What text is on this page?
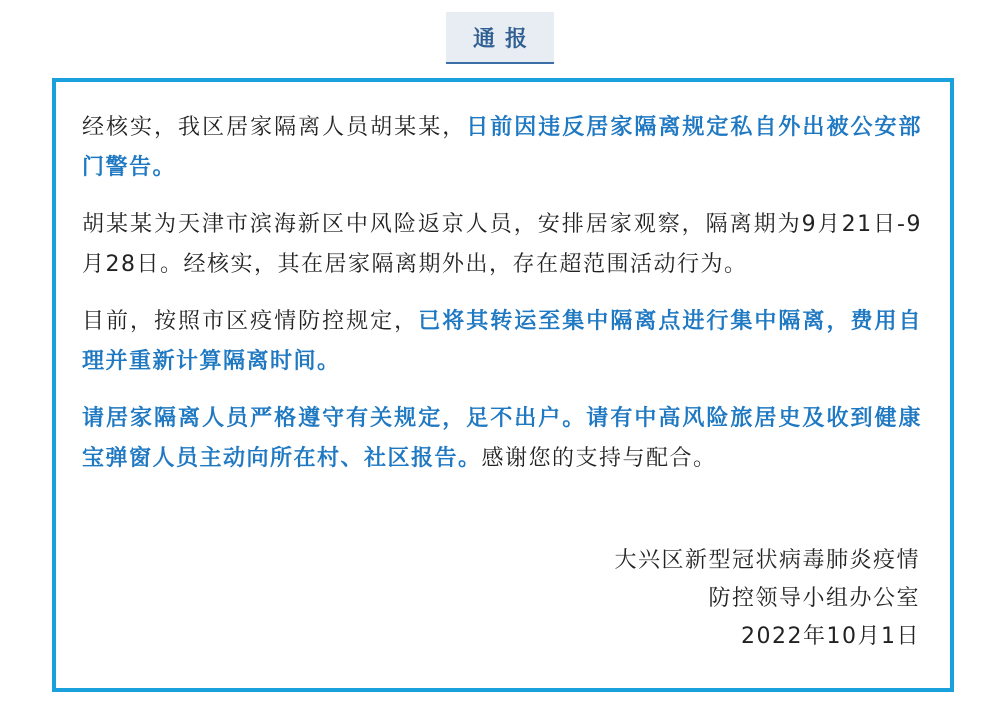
通报

经核实，我区居家隔离人员胡某某，日前因违反居家隔离规定私自外出被公安部门警告。

胡某某为天津市滨海新区中风险返京人员，安排居家观察，隔离期为9月21日-9月28日。经核实，其在居家隔离期外出，存在超范围活动行为。

目前，按照市区疫情防控规定，已将其转运至集中隔离点进行集中隔离，费用自理并重新计算隔离时间。

请居家隔离人员严格遵守有关规定，足不出户。请有中高风险旅居史及收到健康宝弹窗人员主动向所在村、社区报告。感谢您的支持与配合。

大兴区新型冠状病毒肺炎疫情
防控领导小组办公室
2022年10月1日
